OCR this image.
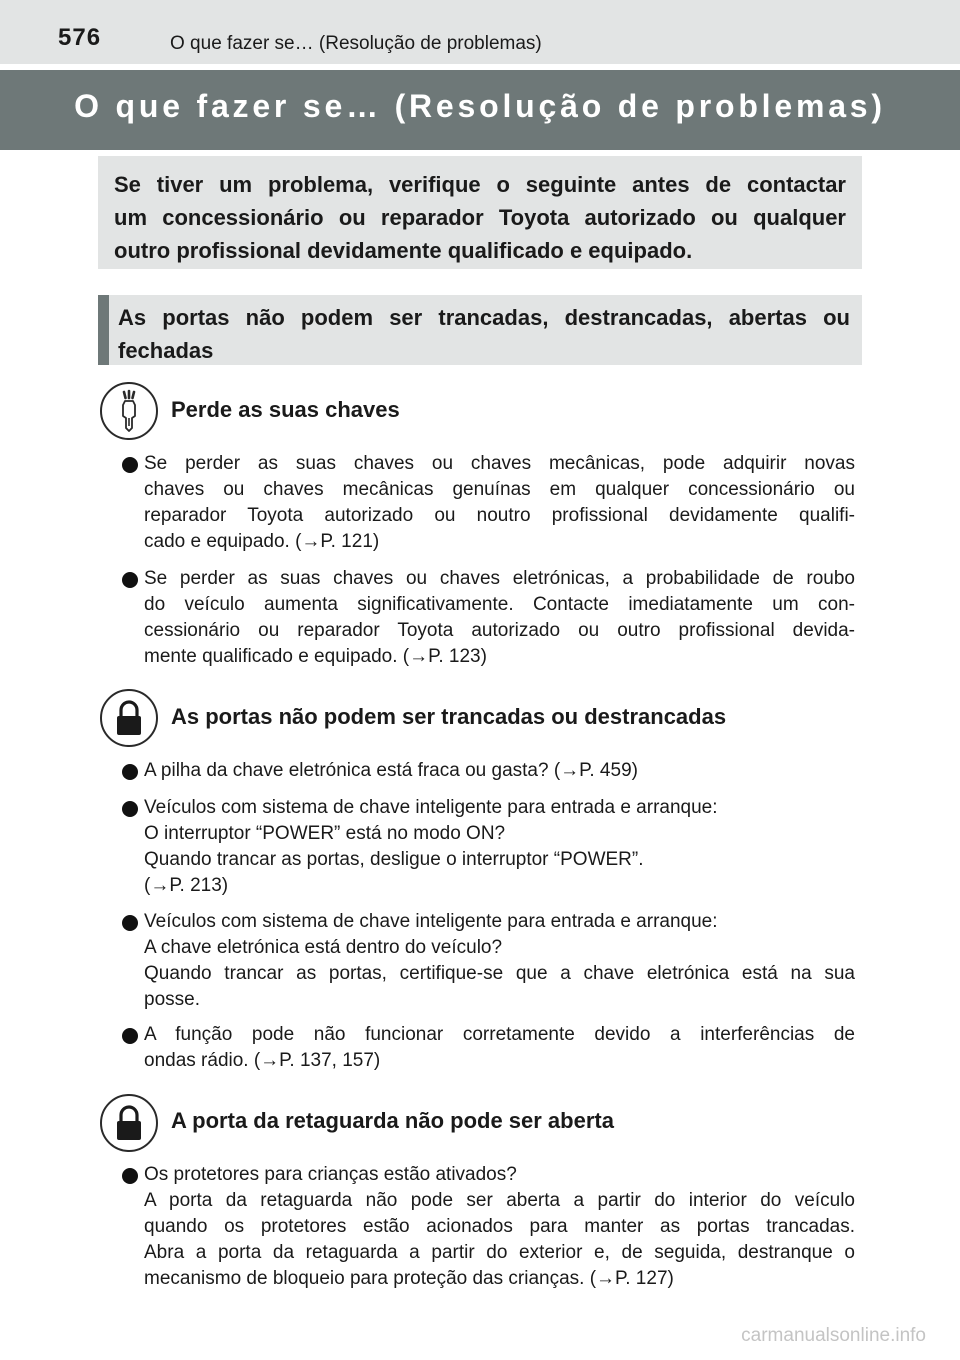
576	O que fazer se… (Resolução de problemas)
O que fazer se… (Resolução de problemas)
Se tiver um problema, verifique o seguinte antes de contactar
um concessionário ou reparador Toyota autorizado ou qualquer
outro profissional devidamente qualificado e equipado.
As portas não podem ser trancadas, destrancadas, abertas ou
fechadas
Perde as suas chaves
Se perder as suas chaves ou chaves mecânicas, pode adquirir novas
chaves ou chaves mecânicas genuínas em qualquer concessionário ou
reparador Toyota autorizado ou noutro profissional devidamente qualifi-
cado e equipado. (→P. 121)
Se perder as suas chaves ou chaves eletrónicas, a probabilidade de roubo
do veículo aumenta significativamente. Contacte imediatamente um con-
cessionário ou reparador Toyota autorizado ou outro profissional devida-
mente qualificado e equipado. (→P. 123)
As portas não podem ser trancadas ou destrancadas
A pilha da chave eletrónica está fraca ou gasta? (→P. 459)
Veículos com sistema de chave inteligente para entrada e arranque:
O interruptor “POWER” está no modo ON?
Quando trancar as portas, desligue o interruptor “POWER”.
(→P. 213)
Veículos com sistema de chave inteligente para entrada e arranque:
A chave eletrónica está dentro do veículo?
Quando trancar as portas, certifique-se que a chave eletrónica está na sua
posse.
A função pode não funcionar corretamente devido a interferências de
ondas rádio. (→P. 137, 157)
A porta da retaguarda não pode ser aberta
Os protetores para crianças estão ativados?
A porta da retaguarda não pode ser aberta a partir do interior do veículo
quando os protetores estão acionados para manter as portas trancadas.
Abra a porta da retaguarda a partir do exterior e, de seguida, destranque o
mecanismo de bloqueio para proteção das crianças. (→P. 127)
carmanualsonline.info
